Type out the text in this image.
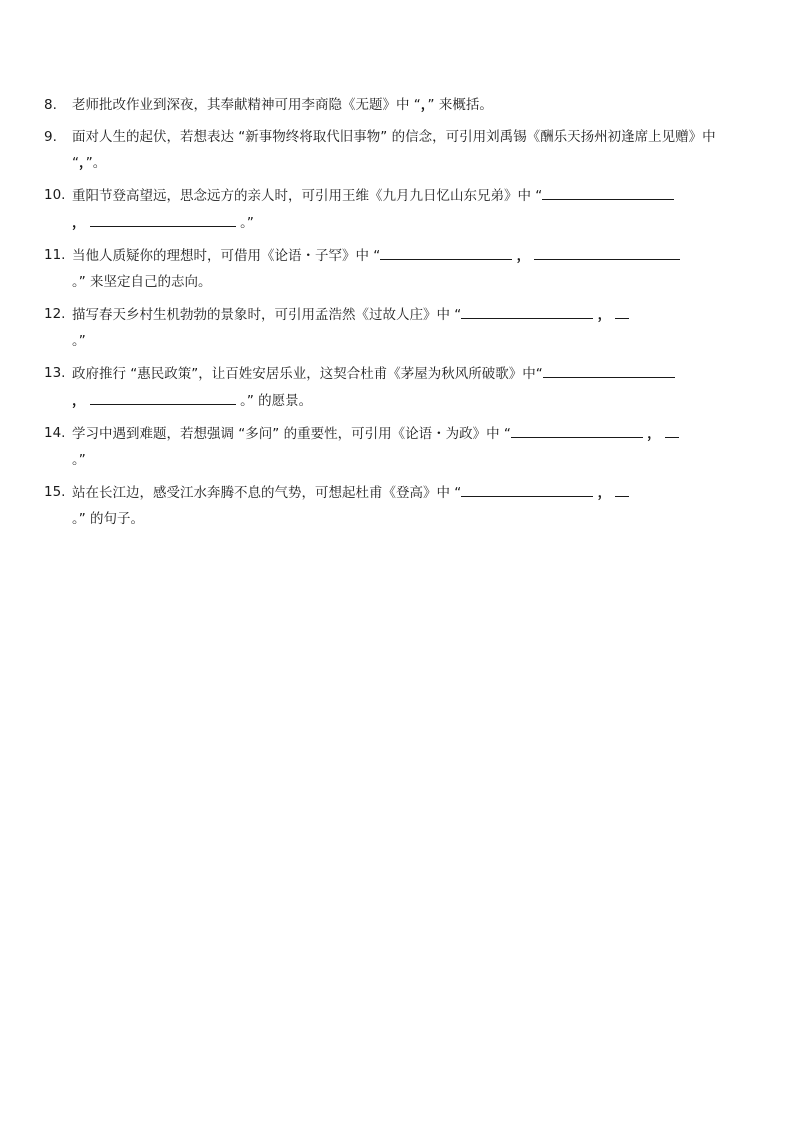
8. 老师批改作业到深夜，其奉献精神可用李商隐《无题》中 “，” 来概括。
9. 面对人生的起伏，若想表达 “新事物终将取代旧事物” 的信念，可引用刘禹锡《酬乐天扬州初逢席上见赠》中 “，”。
10. 重阳节登高望远，思念远方的亲人时，可引用王维《九月九日忆山东兄弟》中 “
，	。”
11. 当他人质疑你的理想时，可借用《论语・子罕》中 “	，
。” 来坚定自己的志向。
12. 描写春天乡村生机勃勃的景象时，可引用孟浩然《过故人庄》中 “	，
。”
13. 政府推行 “惠民政策”，让百姓安居乐业，这契合杜甫《茅屋为秋风所破歌》中“
，	。” 的愿景。
14. 学习中遇到难题，若想强调 “多问” 的重要性，可引用《论语・为政》中 “	，
。”
15. 站在长江边，感受江水奔腾不息的气势，可想起杜甫《登高》中 “	，
。” 的句子。
